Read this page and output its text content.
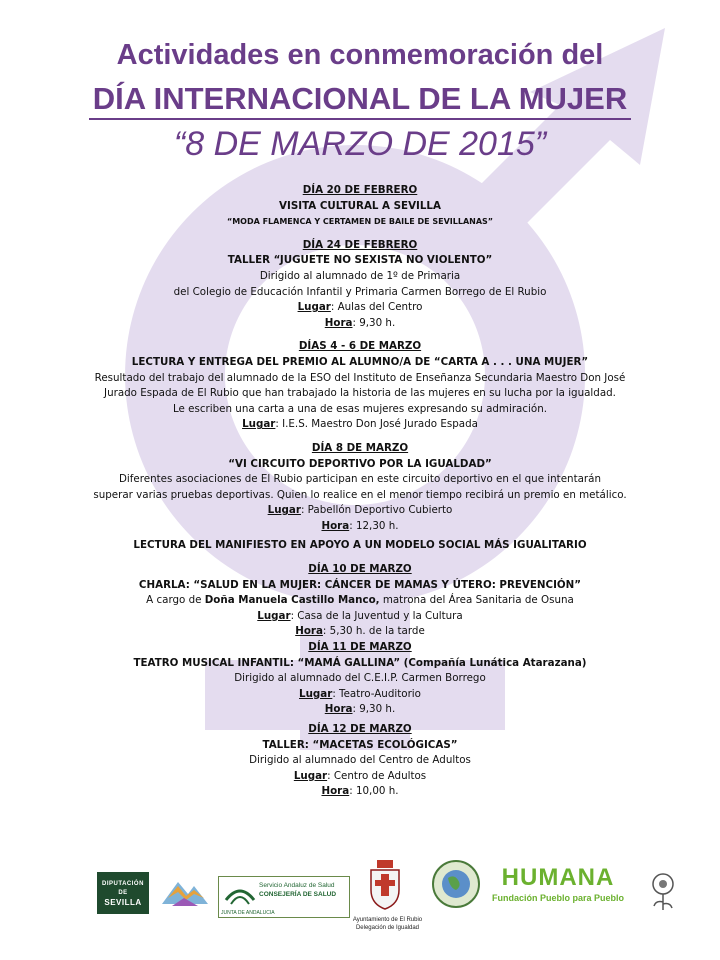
Actividades en conmemoración del
DÍA INTERNACIONAL DE LA MUJER
“8 DE MARZO DE 2015”
DÍA 20 DE FEBRERO
VISITA CULTURAL A SEVILLA
“MODA FLAMENCA Y CERTAMEN DE BAILE DE SEVILLANAS”
DÍA 24 DE FEBRERO
TALLER “JUGUETE NO SEXISTA NO VIOLENTO”
Dirigido al alumnado de 1º de Primaria
del Colegio de Educación Infantil y Primaria Carmen Borrego de El Rubio
Lugar: Aulas del Centro
Hora: 9,30 h.
DÍAS 4 - 6 DE MARZO
LECTURA Y ENTREGA DEL PREMIO AL ALUMNO/A DE “CARTA A . . . UNA MUJER”
Resultado del trabajo del alumnado de la ESO del Instituto de Enseñanza Secundaria Maestro Don José
Jurado Espada de El Rubio que han trabajado la historia de las mujeres en su lucha por la igualdad.
Le escriben una carta a una de esas mujeres expresando su admiración.
Lugar: I.E.S. Maestro Don José Jurado Espada
DÍA 8 DE MARZO
“VI CIRCUITO DEPORTIVO POR LA IGUALDAD”
Diferentes asociaciones de El Rubio participan en este circuito deportivo en el que intentarán
superar varias pruebas deportivas. Quien lo realice en el menor tiempo recibirá un premio en metálico.
Lugar: Pabellón Deportivo Cubierto
Hora: 12,30 h.
LECTURA DEL MANIFIESTO EN APOYO A UN MODELO SOCIAL MÁS IGUALITARIO
DÍA 10 DE MARZO
CHARLA: “SALUD EN LA MUJER: CÁNCER DE MAMAS Y ÚTERO: PREVENCIÓN”
A cargo de Doña Manuela Castillo Manco, matrona del Área Sanitaria de Osuna
Lugar: Casa de la Juventud y la Cultura
Hora: 5,30 h. de la tarde
DÍA 11 DE MARZO
TEATRO MUSICAL INFANTIL: “MAMÁ GALLINA” (Compañía Lunática Atarazana)
Dirigido al alumnado del C.E.I.P. Carmen Borrego
Lugar: Teatro-Auditorio
Hora: 9,30 h.
DÍA 12 DE MARZO
TALLER: “MACETAS ECOLÓGICAS”
Dirigido al alumnado del Centro de Adultos
Lugar: Centro de Adultos
Hora: 10,00 h.
DIPUTACIÓN
DE
SEVILLA
Servicio Andaluz de Salud
CONSEJERÍA DE SALUD
JUNTA DE ANDALUCIA
Ayuntamiento de El Rubio
Delegación de Igualdad
HUMANA
Fundación Pueblo para Pueblo
